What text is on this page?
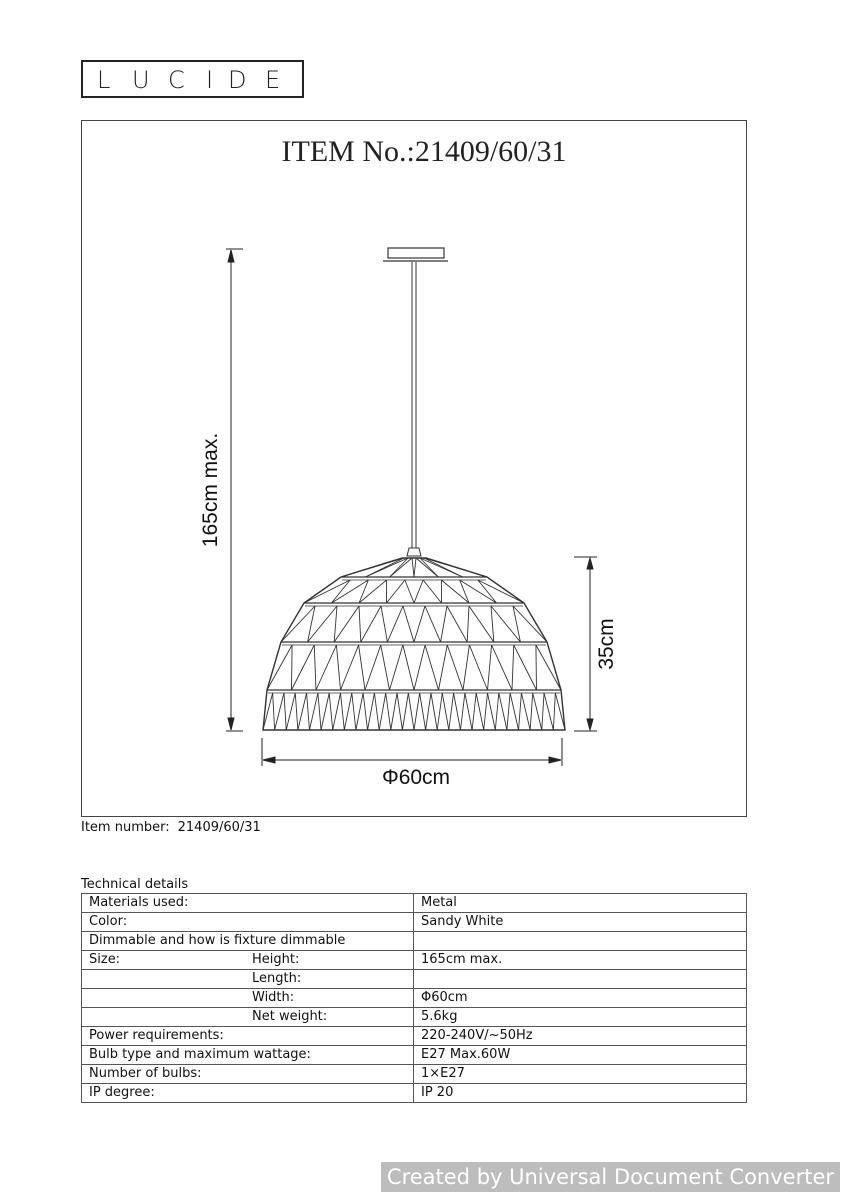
L U C I D E
ITEM No.:21409/60/31
165cm max.
35cm
Φ60cm
Item number: 21409/60/31
Technical details
Materials used:	Metal

Color:	Sandy White

Dimmable and how is fixture dimmable	

Size: Height:	165cm max.

Length:	

Width:	Φ60cm

Net weight:	5.6kg

Power requirements:	220-240V/~50Hz

Bulb type and maximum wattage:	E27 Max.60W

Number of bulbs:	1×E27

IP degree:	IP 20
Created by Universal Document Converter
